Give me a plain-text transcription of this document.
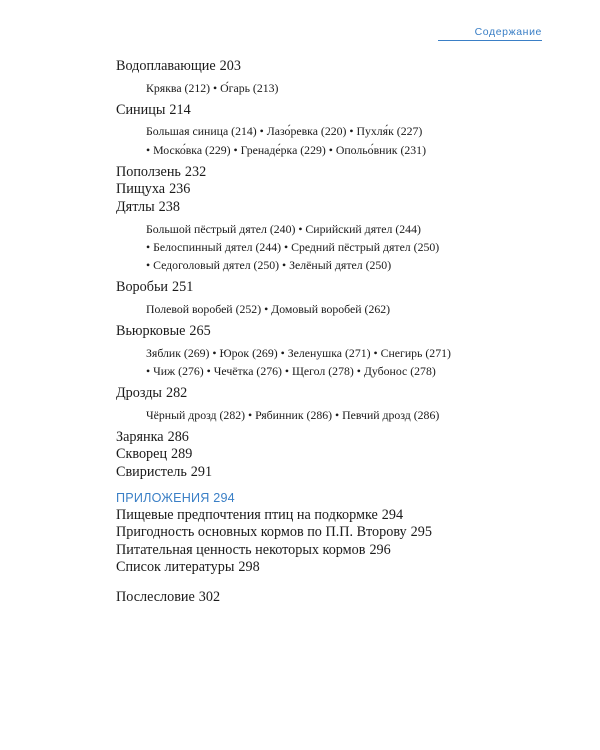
Содержание
Водоплавающие 203
Кряква (212) • О́гарь (213)
Синицы 214
Большая синица (214) • Лазо́ревка (220) • Пухля́к (227)
• Моско́вка (229) • Гренаде́рка (229) • Опольо́вник (231)
Поползень 232
Пищуха 236
Дятлы 238
Большой пёстрый дятел (240) • Сирийский дятел (244)
• Белоспинный дятел (244) • Средний пёстрый дятел (250)
• Седоголовый дятел (250) • Зелёный дятел (250)
Воробьи 251
Полевой воробей (252) • Домовый воробей (262)
Вьюрковые 265
Зяблик (269) • Юрок (269) • Зеленушка (271) • Снегирь (271)
• Чиж (276) • Чечётка (276) • Щегол (278) • Дубонос (278)
Дрозды 282
Чёрный дрозд (282) • Рябинник (286) • Певчий дрозд (286)
Зарянка 286
Скворец 289
Свиристель 291
ПРИЛОЖЕНИЯ 294
Пищевые предпочтения птиц на подкормке 294
Пригодность основных кормов по П.П. Второву 295
Питательная ценность некоторых кормов 296
Список литературы 298
Послесловие 302
